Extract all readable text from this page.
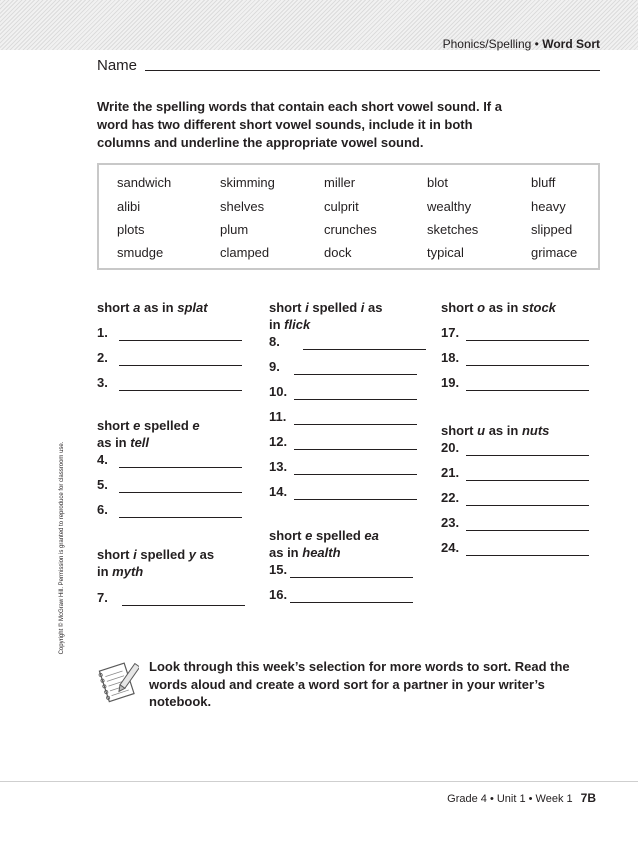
Phonics/Spelling • Word Sort
Name
Write the spelling words that contain each short vowel sound. If a word has two different short vowel sounds, include it in both columns and underline the appropriate vowel sound.
sandwich	skimming	miller	blot	bluff
alibi	shelves	culprit	wealthy	heavy
plots	plum	crunches	sketches	slipped
smudge	clamped	dock	typical	grimace
short a as in splat
1.
2.
3.
short e spelled e
as in tell
4.
5.
6.
short i spelled y as
in myth
7.
short i spelled i as
in flick
8.
9.
10.
11.
12.
13.
14.
short e spelled ea
as in health
15.
16.
short o as in stock
17.
18.
19.
short u as in nuts
20.
21.
22.
23.
24.
Copyright © McGraw Hill. Permission is granted to reproduce for classroom use.
Look through this week’s selection for more words to sort. Read the words aloud and create a word sort for a partner in your writer’s notebook.
Grade 4 • Unit 1 • Week 1 7B
